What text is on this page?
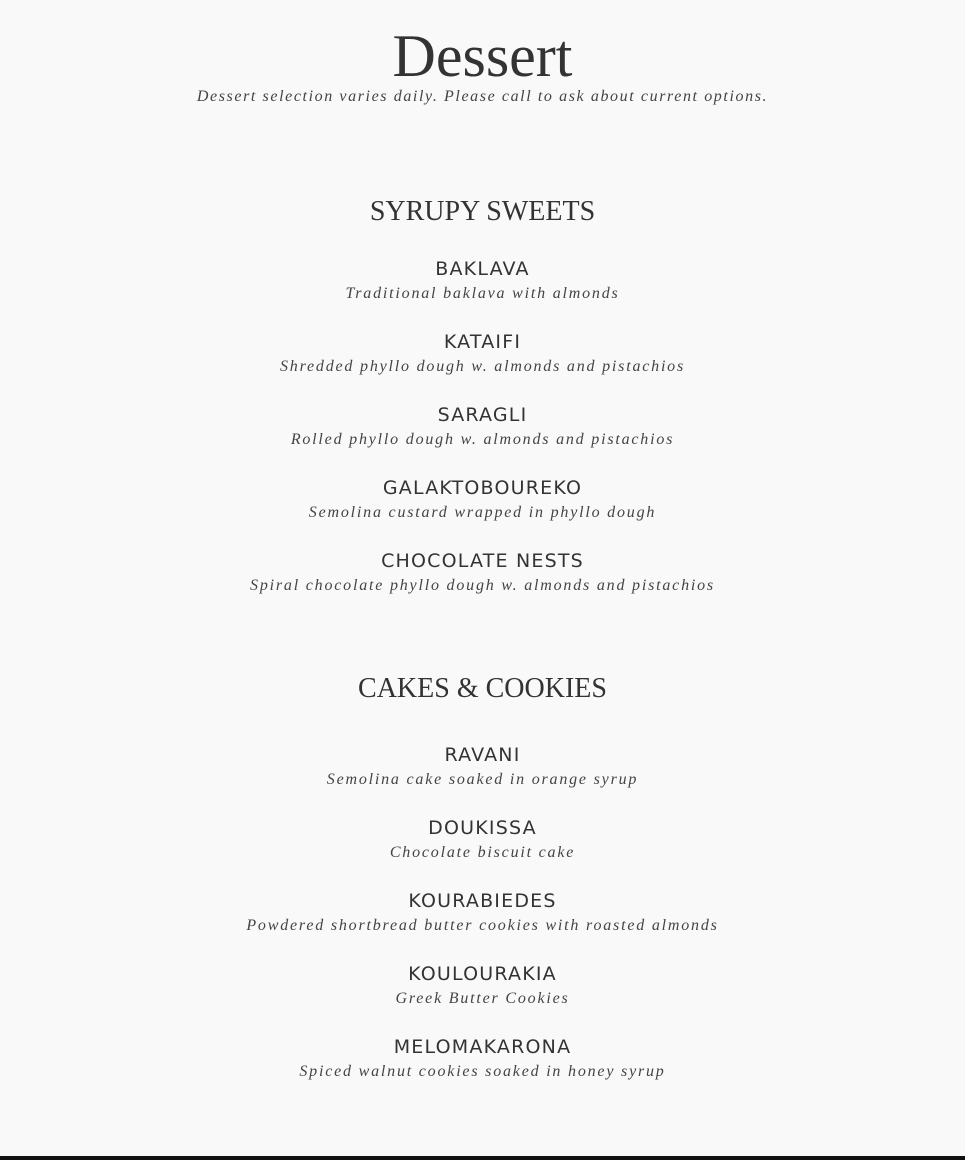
Dessert
Dessert selection varies daily. Please call to ask about current options.
SYRUPY SWEETS
BAKLAVA
Traditional baklava with almonds
KATAIFI
Shredded phyllo dough w. almonds and pistachios
SARAGLI
Rolled phyllo dough w. almonds and pistachios
GALAKTOBOUREKO
Semolina custard wrapped in phyllo dough
CHOCOLATE NESTS
Spiral chocolate phyllo dough w. almonds and pistachios
CAKES & COOKIES
RAVANI
Semolina cake soaked in orange syrup
DOUKISSA
Chocolate biscuit cake
KOURABIEDES
Powdered shortbread butter cookies with roasted almonds
KOULOURAKIA
Greek Butter Cookies
MELOMAKARONA
Spiced walnut cookies soaked in honey syrup
